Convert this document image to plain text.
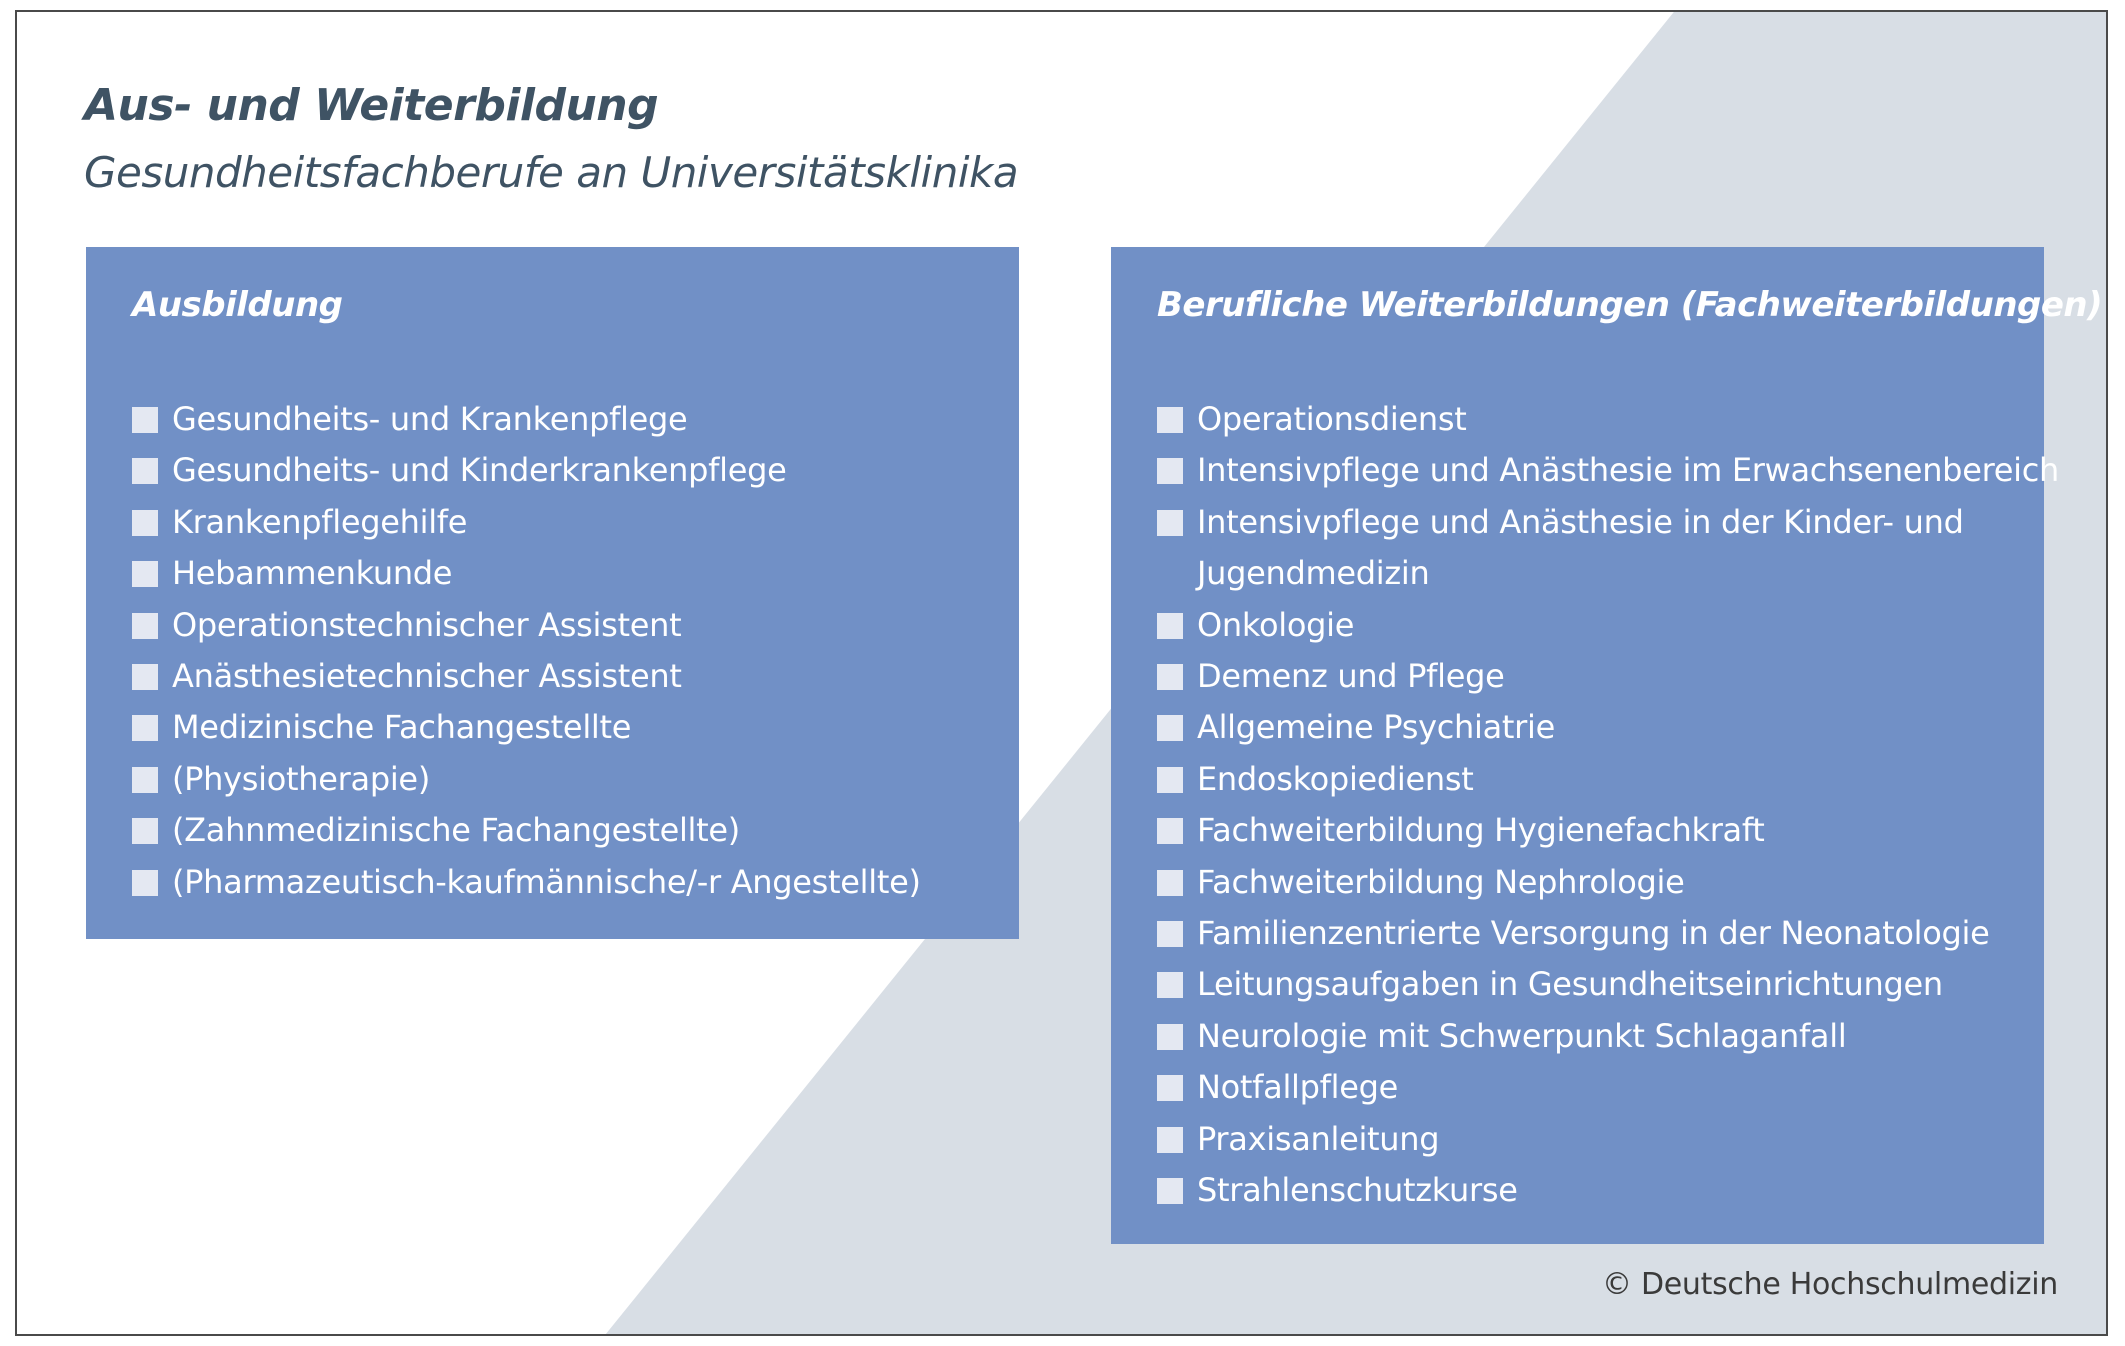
Aus- und Weiterbildung
Gesundheitsfachberufe an Universitätsklinika
Ausbildung
Gesundheits- und Krankenpflege
Gesundheits- und Kinderkrankenpflege
Krankenpflegehilfe
Hebammenkunde
Operationstechnischer Assistent
Anästhesietechnischer Assistent
Medizinische Fachangestellte
(Physiotherapie)
(Zahnmedizinische Fachangestellte)
(Pharmazeutisch-kaufmännische/-r Angestellte)
Berufliche Weiterbildungen (Fachweiterbildungen)
Operationsdienst
Intensivpflege und Anästhesie im Erwachsenenbereich
Intensivpflege und Anästhesie in der Kinder- und
Jugendmedizin
Onkologie
Demenz und Pflege
Allgemeine Psychiatrie
Endoskopiedienst
Fachweiterbildung Hygienefachkraft
Fachweiterbildung Nephrologie
Familienzentrierte Versorgung in der Neonatologie
Leitungsaufgaben in Gesundheitseinrichtungen
Neurologie mit Schwerpunkt Schlaganfall
Notfallpflege
Praxisanleitung
Strahlenschutzkurse
© Deutsche Hochschulmedizin
